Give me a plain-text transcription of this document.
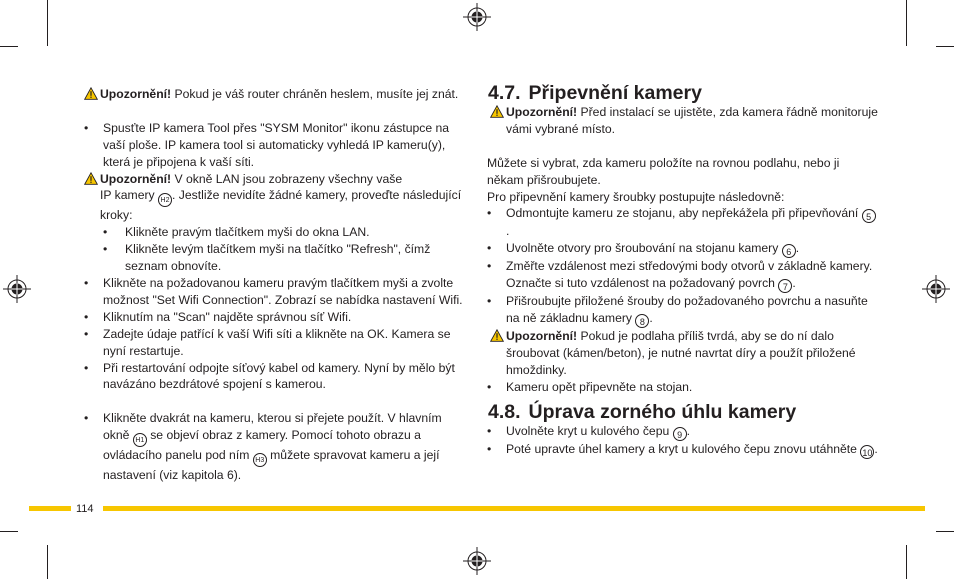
Upozornění! Pokud je váš router chráněn heslem, musíte jej znát.

• Spusťte IP kamera Tool přes "SYSM Monitor" ikonu zástupce na vaší ploše. IP kamera tool si automaticky vyhledá IP kameru(y), která je připojena k vaší síti.
Upozornění! V okně LAN jsou zobrazeny všechny vaše
IP kamery H2 . Jestliže nevidíte žádné kamery, proveďte následující kroky:
• Klikněte pravým tlačítkem myši do okna LAN.
• Klikněte levým tlačítkem myši na tlačítko "Refresh", čímž seznam obnovíte.
• Klikněte na požadovanou kameru pravým tlačítkem myši a zvolte možnost "Set Wifi Connection". Zobrazí se nabídka nastavení Wifi.
• Kliknutím na "Scan" najděte správnou síť Wifi.
• Zadejte údaje patřící k vaší Wifi síti a klikněte na OK. Kamera se nyní restartuje.
• Při restartování odpojte síťový kabel od kamery. Nyní by mělo být navázáno bezdrátové spojení s kamerou.
• Klikněte dvakrát na kameru, kterou si přejete použít. V hlavním okně H1 se objeví obraz z kamery. Pomocí tohoto obrazu a ovládacího panelu pod ním H3 můžete spravovat kameru a její nastavení (viz kapitola 6).
4.7. Připevnění kamery

Upozornění! Před instalací se ujistěte, zda kamera řádně monitoruje vámi vybrané místo.

Můžete si vybrat, zda kameru položíte na rovnou podlahu, nebo ji někam přišroubujete.

Pro připevnění kamery šroubky postupujte následovně:

• Odmontujte kameru ze stojanu, aby nepřekážela při připevňování 5.
• Uvolněte otvory pro šroubování na stojanu kamery 6 .
• Změřte vzdálenost mezi středovými body otvorů v základně kamery. Označte si tuto vzdálenost na požadovaný povrch 7 .
• Přišroubujte přiložené šrouby do požadovaného povrchu a nasuňte na ně základnu kamery 8 .

Upozornění! Pokud je podlaha příliš tvrdá, aby se do ní dalo šroubovat (kámen/beton), je nutné navrtat díry a použít přiložené hmoždinky.

• Kameru opět připevněte na stojan.
4.8. Úprava zorného úhlu kamery
• Uvolněte kryt u kulového čepu 9 .
• Poté upravte úhel kamery a kryt u kulového čepu znovu utáhněte 10 .
114
